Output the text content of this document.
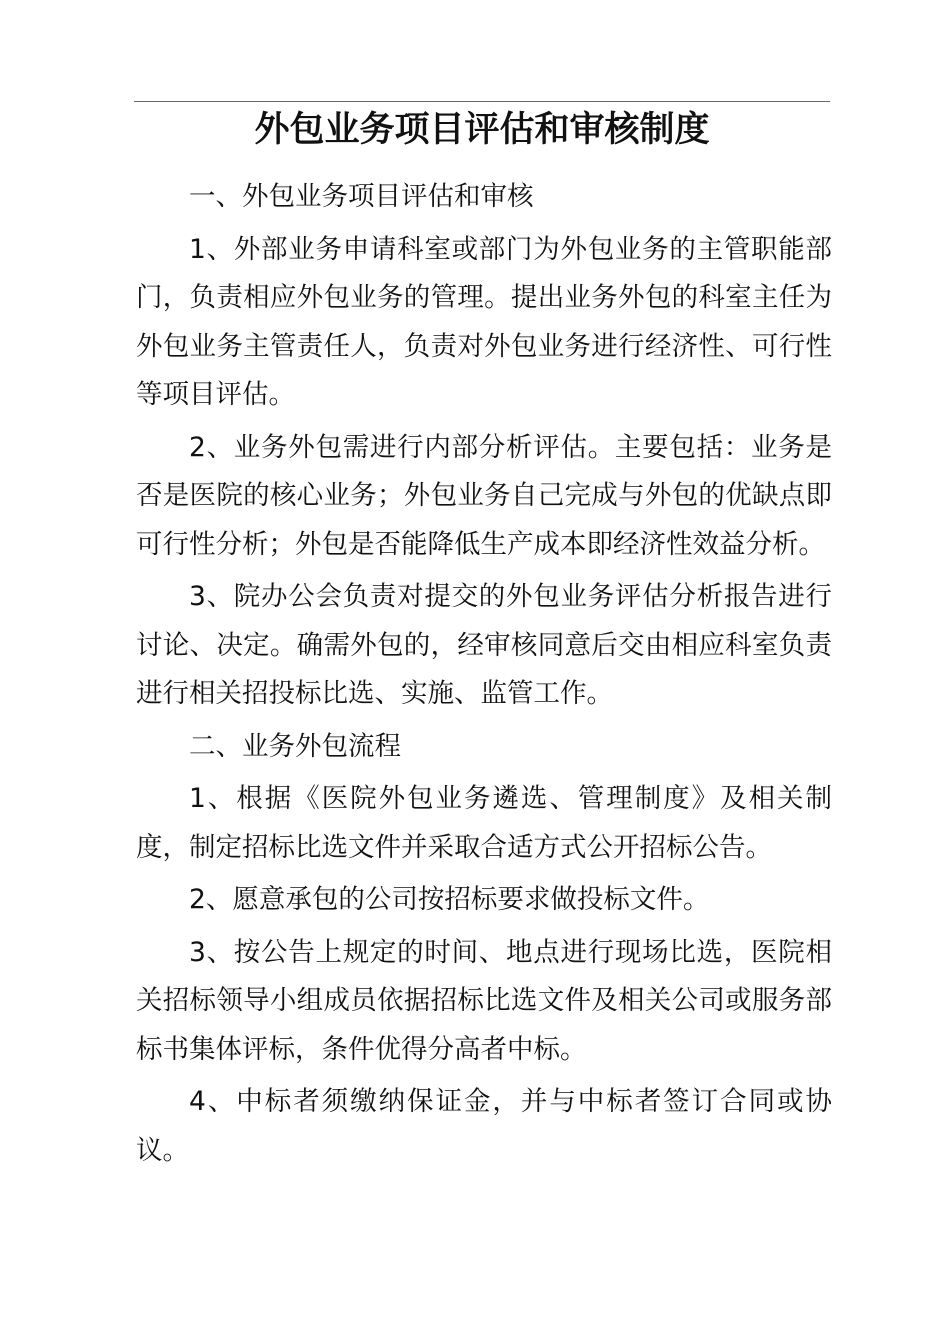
外包业务项目评估和审核制度

一、外包业务项目评估和审核

1、外部业务申请科室或部门为外包业务的主管职能部门，负责相应外包业务的管理。提出业务外包的科室主任为外包业务主管责任人，负责对外包业务进行经济性、可行性等项目评估。

2、业务外包需进行内部分析评估。主要包括：业务是否是医院的核心业务；外包业务自己完成与外包的优缺点即可行性分析；外包是否能降低生产成本即经济性效益分析。

3、院办公会负责对提交的外包业务评估分析报告进行讨论、决定。确需外包的，经审核同意后交由相应科室负责进行相关招投标比选、实施、监管工作。

二、业务外包流程

1、根据《医院外包业务遴选、管理制度》及相关制度，制定招标比选文件并采取合适方式公开招标公告。

2、愿意承包的公司按招标要求做投标文件。

3、按公告上规定的时间、地点进行现场比选，医院相关招标领导小组成员依据招标比选文件及相关公司或服务部标书集体评标，条件优得分高者中标。

4、中标者须缴纳保证金，并与中标者签订合同或协议。
